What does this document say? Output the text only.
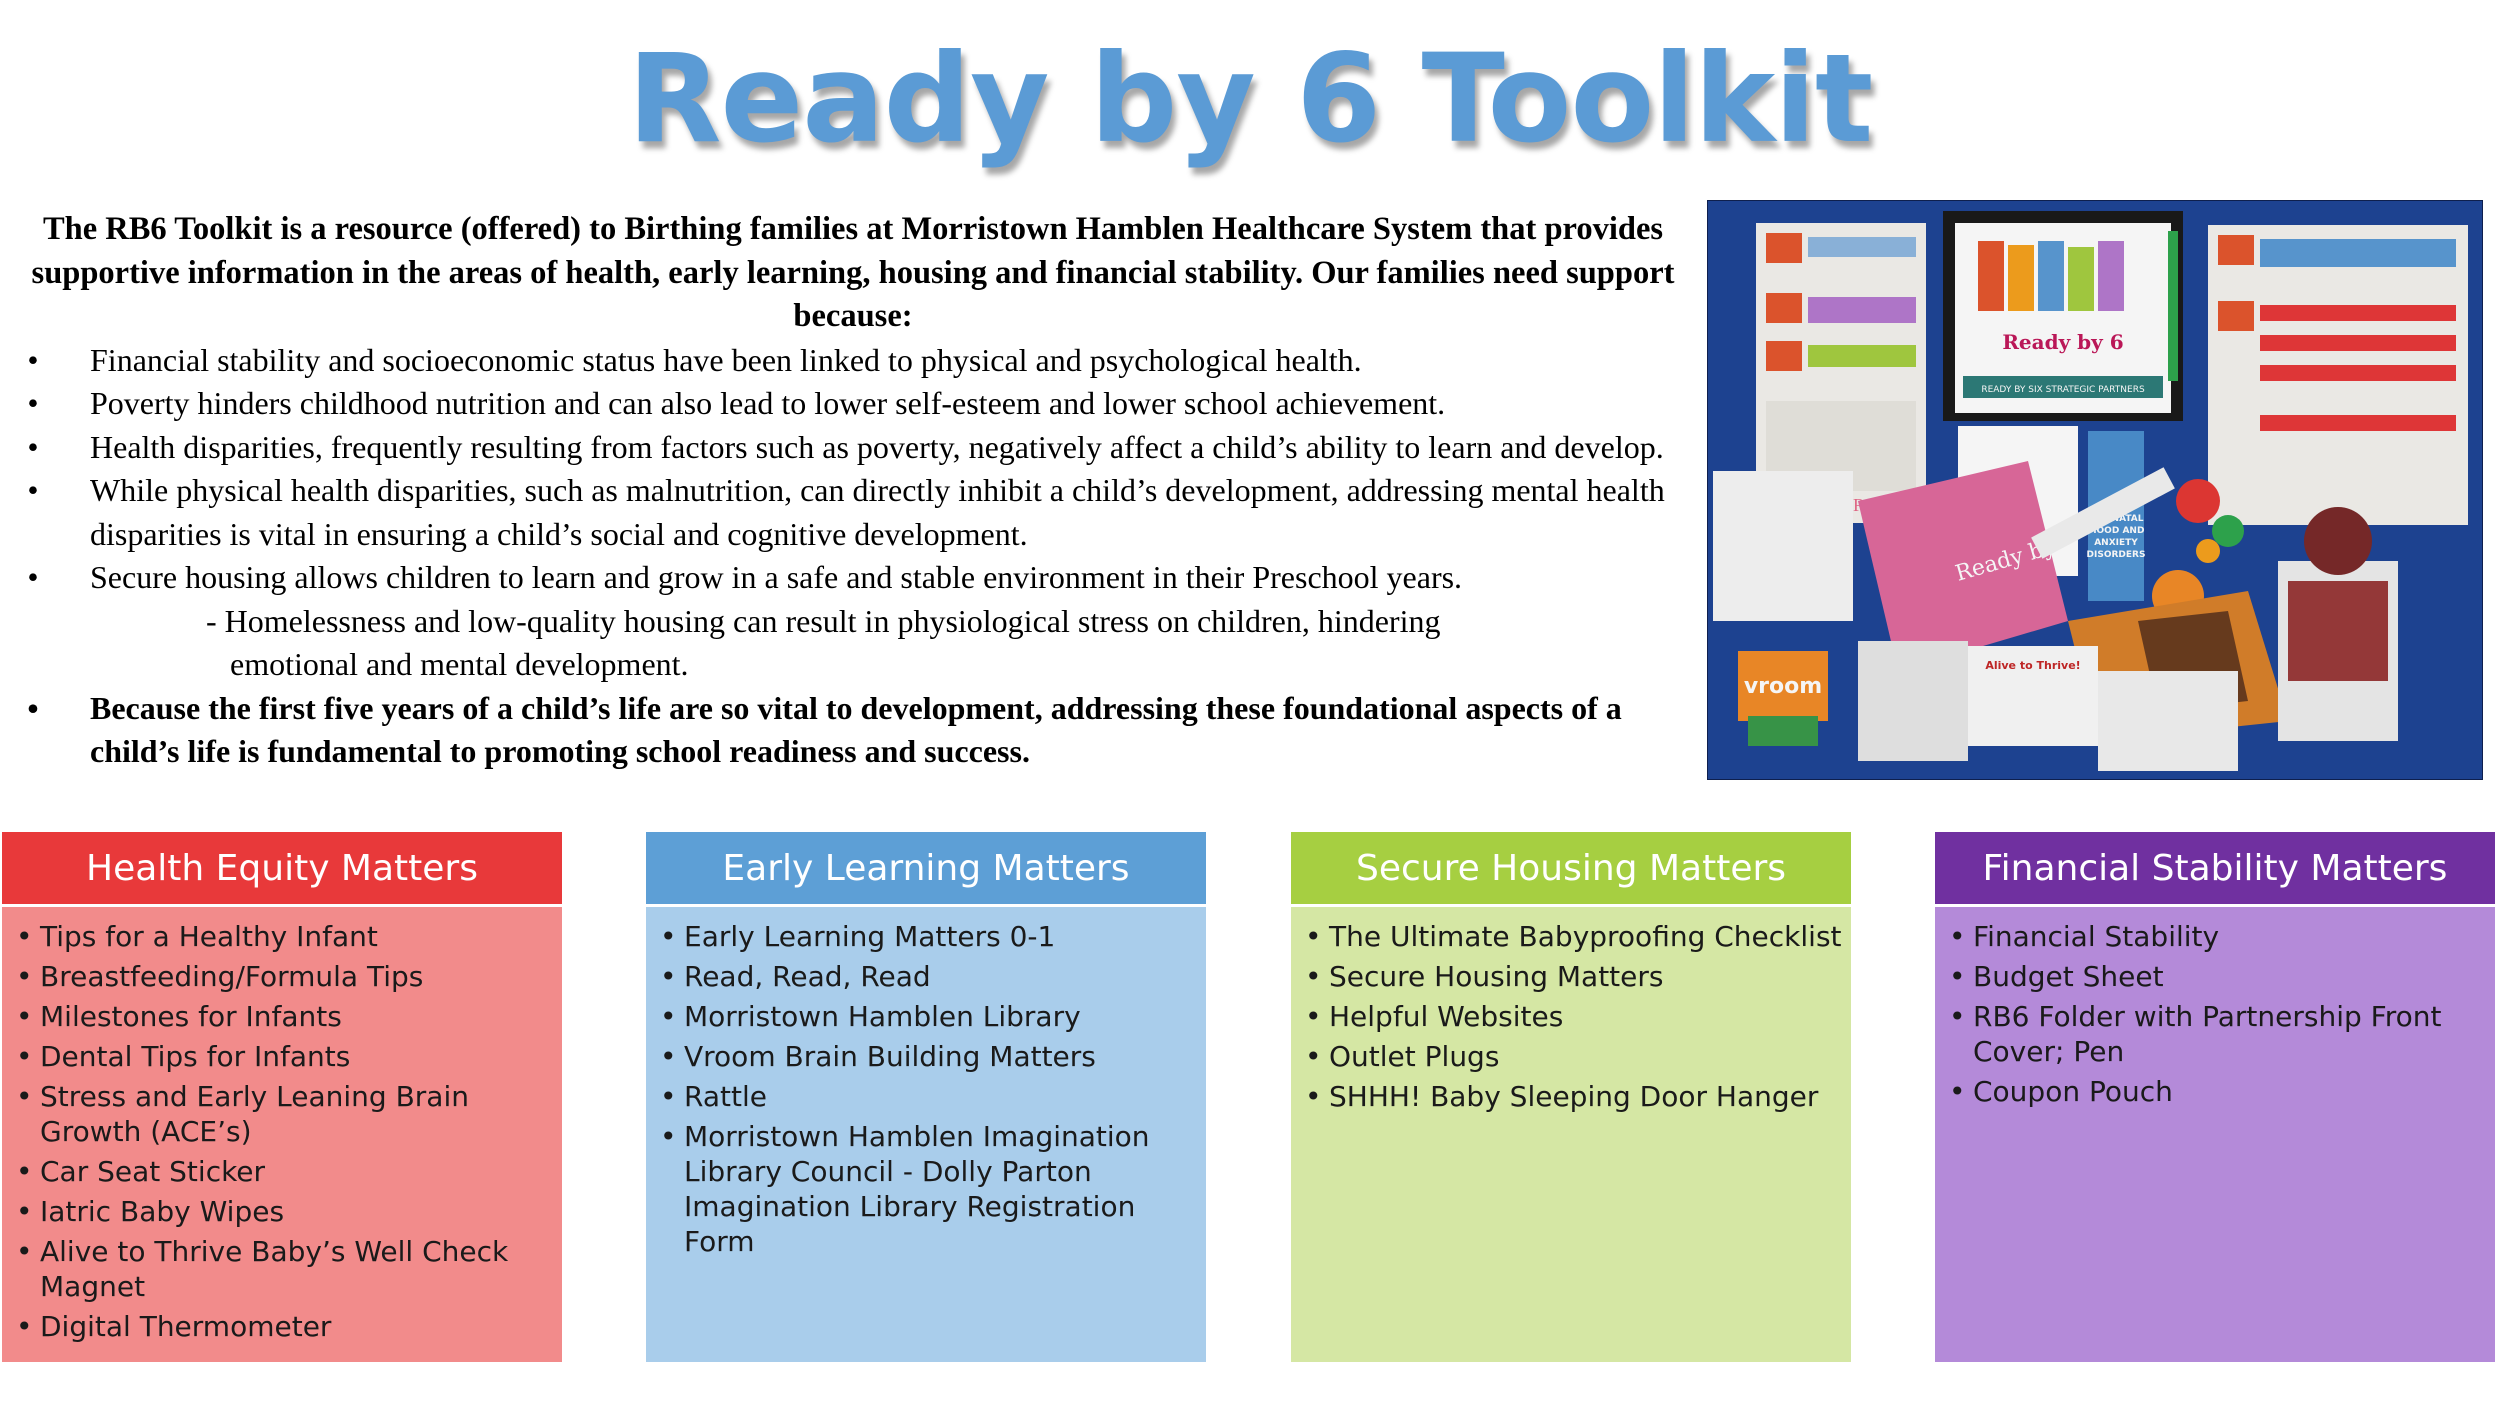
Ready by 6 Toolkit

The RB6 Toolkit is a resource (offered) to Birthing families at Morristown Hamblen Healthcare System that provides supportive information in the areas of health, early learning, housing and financial stability. Our families need support because:

• Financial stability and socioeconomic status have been linked to physical and psychological health.
• Poverty hinders childhood nutrition and can also lead to lower self-esteem and lower school achievement.
• Health disparities, frequently resulting from factors such as poverty, negatively affect a child’s ability to learn and develop.
• While physical health disparities, such as malnutrition, can directly inhibit a child’s development, addressing mental health disparities is vital in ensuring a child’s social and cognitive development.
• Secure housing allows children to learn and grow in a safe and stable environment in their Preschool years.
- Homelessness and low-quality housing can result in physiological stress on children, hindering
emotional and mental development.
• Because the first five years of a child’s life are so vital to development, addressing these foundational aspects of a child’s life is fundamental to promoting school readiness and success.
Health Equity Matters
• Tips for a Healthy Infant
• Breastfeeding/Formula Tips
• Milestones for Infants
• Dental Tips for Infants
• Stress and Early Leaning Brain Growth (ACE’s)
• Car Seat Sticker
• Iatric Baby Wipes
• Alive to Thrive Baby’s Well Check Magnet
• Digital Thermometer
Early Learning Matters
• Early Learning Matters 0-1
• Read, Read, Read
• Morristown Hamblen Library
• Vroom Brain Building Matters
• Rattle
• Morristown Hamblen Imagination Library Council - Dolly Parton Imagination Library Registration Form
Secure Housing Matters
• The Ultimate Babyproofing Checklist
• Secure Housing Matters
• Helpful Websites
• Outlet Plugs
• SHHH! Baby Sleeping Door Hanger
Financial Stability Matters
• Financial Stability
• Budget Sheet
• RB6 Folder with Partnership Front Cover; Pen
• Coupon Pouch
